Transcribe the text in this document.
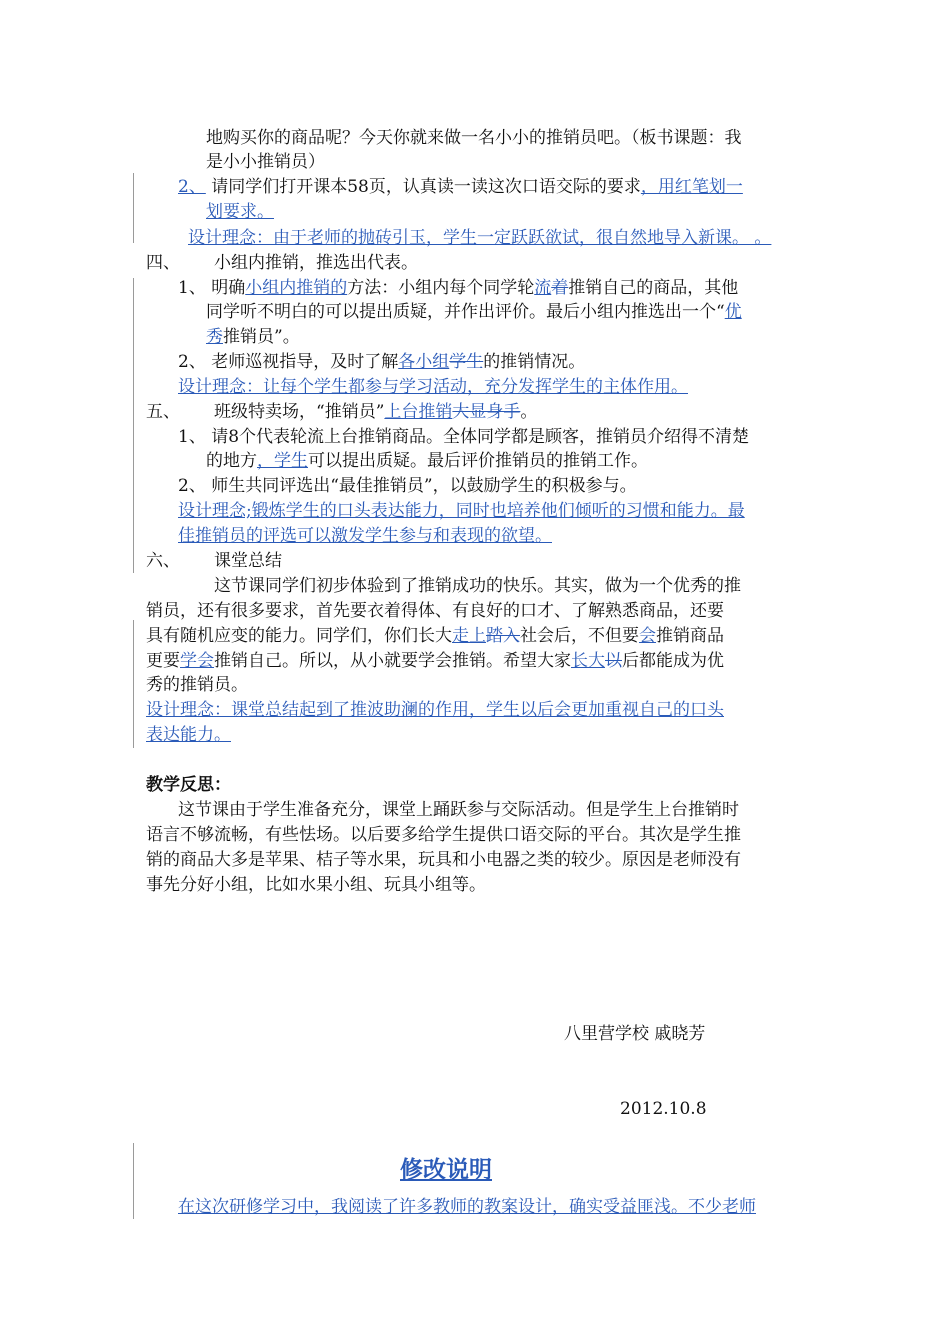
地购买你的商品呢？今天你就来做一名小小的推销员吧。（板书课题：我
是小小推销员）
2、 请同学们打开课本58页，认真读一读这次口语交际的要求，用红笔划一
划要求。
设计理念：由于老师的抛砖引玉，学生一定跃跃欲试，很自然地导入新课。 。
四、 小组内推销，推选出代表。
1、 明确小组内推销的方法：小组内每个同学轮流着推销自己的商品，其他
同学听不明白的可以提出质疑，并作出评价。最后小组内推选出一个“优
秀推销员”。
2、 老师巡视指导，及时了解各小组学生的推销情况。
设计理念：让每个学生都参与学习活动，充分发挥学生的主体作用。
五、 班级特卖场，“推销员”上台推销大显身手。
1、 请8个代表轮流上台推销商品。全体同学都是顾客，推销员介绍得不清楚
的地方，学生可以提出质疑。最后评价推销员的推销工作。
2、 师生共同评选出“最佳推销员”，以鼓励学生的积极参与。
设计理念;锻炼学生的口头表达能力，同时也培养他们倾听的习惯和能力。最
佳推销员的评选可以激发学生参与和表现的欲望。
六、 课堂总结
这节课同学们初步体验到了推销成功的快乐。其实，做为一个优秀的推
销员，还有很多要求，首先要衣着得体、有良好的口才、了解熟悉商品，还要
具有随机应变的能力。同学们，你们长大走上踏入社会后，不但要会推销商品
更要学会推销自己。所以，从小就要学会推销。希望大家长大以后都能成为优
秀的推销员。
设计理念：课堂总结起到了推波助澜的作用，学生以后会更加重视自己的口头
表达能力。
教学反思：
这节课由于学生准备充分，课堂上踊跃参与交际活动。但是学生上台推销时
语言不够流畅，有些怯场。以后要多给学生提供口语交际的平台。其次是学生推
销的商品大多是苹果、桔子等水果，玩具和小电器之类的较少。原因是老师没有
事先分好小组，比如水果小组、玩具小组等。
八里营学校 戚晓芳
2012.10.8
修改说明
在这次研修学习中，我阅读了许多教师的教案设计，确实受益匪浅。不少老师
